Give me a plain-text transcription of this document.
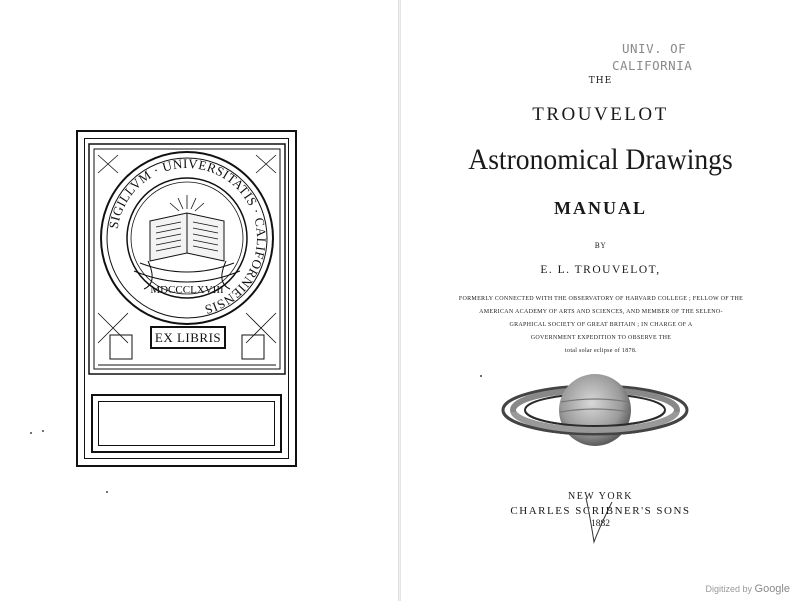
SIGILLVM · UNIVERSITATIS · CALIFORNIENSIS
MDCCCLXVIII
EX LIBRIS
UNIV. OF
CALIFORNIA
THE
TROUVELOT
Astronomical Drawings
MANUAL
BY
E. L. TROUVELOT,
FORMERLY CONNECTED WITH THE OBSERVATORY OF HARVARD COLLEGE ; FELLOW OF THE
AMERICAN ACADEMY OF ARTS AND SCIENCES, AND MEMBER OF THE SELENO-
GRAPHICAL SOCIETY OF GREAT BRITAIN ; IN CHARGE OF A
GOVERNMENT EXPEDITION TO OBSERVE THE
total solar eclipse of 1878.
NEW YORK
CHARLES SCRIBNER'S SONS
1882
Digitized by Google
